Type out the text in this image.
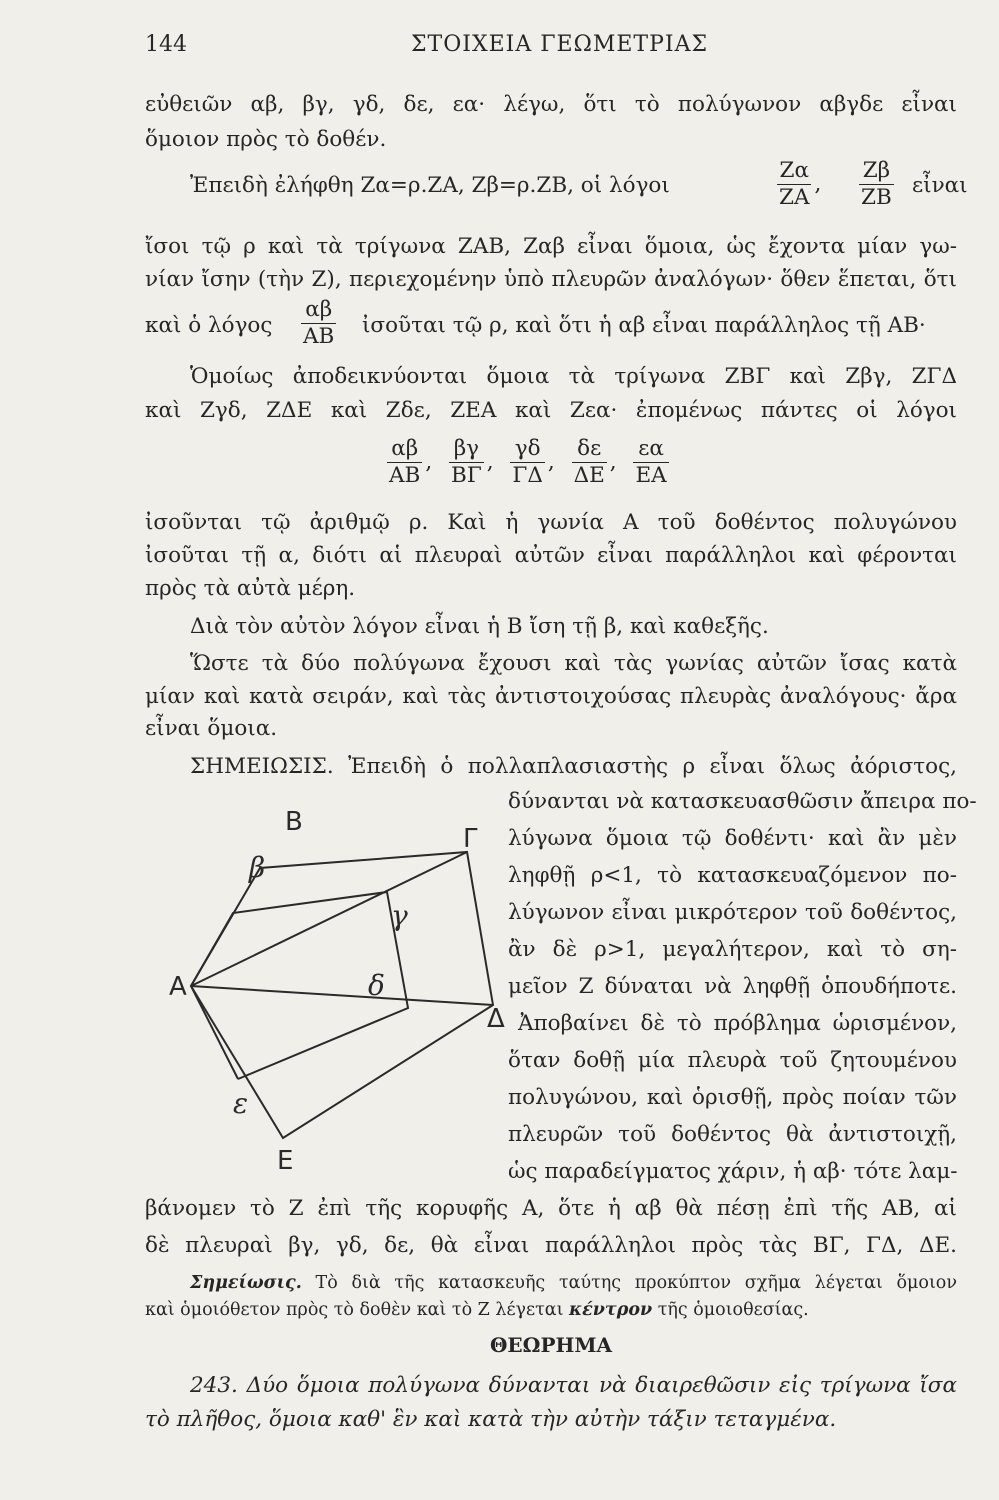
144	ΣΤΟΙΧΕΙΑ ΓΕΩΜΕΤΡΙΑΣ
εὐθειῶν αβ, βγ, γδ, δε, εα· λέγω, ὅτι τὸ πολύγωνον αβγδε εἶναι
ὅμοιον πρὸς τὸ δοθέν.
Ἐπειδὴ ἐλήφθη Ζα=ρ.ΖΑ, Ζβ=ρ.ΖΒ, οἱ λόγοι	$\frac{Z\alpha}{ZA}$ , $\frac{Z\beta}{ZB}$ εἶναι
ἴσοι τῷ ρ καὶ τὰ τρίγωνα ΖΑΒ, Ζαβ εἶναι ὅμοια, ὡς ἔχοντα μίαν γω-
νίαν ἴσην (τὴν Ζ), περιεχομένην ὑπὸ πλευρῶν ἀναλόγων· ὅθεν ἕπεται, ὅτι
καὶ ὁ λόγος $\frac{\alpha\beta}{AB}$ ἰσοῦται τῷ ρ, καὶ ὅτι ἡ αβ εἶναι παράλληλος τῇ ΑΒ·
Ὁμοίως ἀποδεικνύονται ὅμοια τὰ τρίγωνα ΖΒΓ καὶ Ζβγ, ΖΓΔ
καὶ Ζγδ, ΖΔΕ καὶ Ζδε, ΖΕΑ καὶ Ζεα· ἐπομένως πάντες οἱ λόγοι
$\frac{\alpha\beta}{AB}$ , $\frac{\beta\gamma}{B\Gamma}$ , $\frac{\gamma\delta}{\Gamma\Delta}$ , $\frac{\delta\varepsilon}{\Delta E}$ , $\frac{\varepsilon\alpha}{EA}$
ἰσοῦνται τῷ ἀριθμῷ ρ. Καὶ ἡ γωνία Α τοῦ δοθέντος πολυγώνου
ἰσοῦται τῇ α, διότι αἱ πλευραὶ αὐτῶν εἶναι παράλληλοι καὶ φέρονται
πρὸς τὰ αὐτὰ μέρη.
Διὰ τὸν αὐτὸν λόγον εἶναι ἡ Β ἴση τῇ β, καὶ καθεξῆς.
Ὥστε τὰ δύο πολύγωνα ἔχουσι καὶ τὰς γωνίας αὐτῶν ἴσας κατὰ
μίαν καὶ κατὰ σειράν, καὶ τὰς ἀντιστοιχούσας πλευρὰς ἀναλόγους· ἄρα
εἶναι ὅμοια.
ΣΗΜΕΙΩΣΙΣ. Ἐπειδὴ ὁ πολλαπλασιαστὴς ρ εἶναι ὅλως ἀόριστος,
δύνανται νὰ κατασκευασθῶσιν ἄπειρα πο-
λύγωνα ὅμοια τῷ δοθέντι· καὶ ἂν μὲν
ληφθῇ ρ<1, τὸ κατασκευαζόμενον πο-
λύγωνον εἶναι μικρότερον τοῦ δοθέντος,
ἂν δὲ ρ>1, μεγαλήτερον, καὶ τὸ ση-
μεῖον Ζ δύναται νὰ ληφθῇ ὁπουδήποτε.
Ἀποβαίνει δὲ τὸ πρόβλημα ὡρισμένον,
ὅταν δοθῇ μία πλευρὰ τοῦ ζητουμένου
πολυγώνου, καὶ ὁρισθῇ, πρὸς ποίαν τῶν
πλευρῶν τοῦ δοθέντος θὰ ἀντιστοιχῇ,
ὡς παραδείγματος χάριν, ἡ αβ· τότε λαμ-
βάνομεν τὸ Ζ ἐπὶ τῆς κορυφῆς Α, ὅτε ἡ αβ θὰ πέσῃ ἐπὶ τῆς ΑΒ, αἱ
δὲ πλευραὶ βγ, γδ, δε, θὰ εἶναι παράλληλοι πρὸς τὰς ΒΓ, ΓΔ, ΔΕ.
Α
Β
Γ
Δ
Ε
β
γ
δ
ε
Σημείωσις. Τὸ διὰ τῆς κατασκευῆς ταύτης προκύπτον σχῆμα λέγεται ὅμοιον
καὶ ὁμοιόθετον πρὸς τὸ δοθὲν καὶ τὸ Ζ λέγεται κέντρον τῆς ὁμοιοθεσίας.
ΘΕΩΡΗΜΑ
243. Δύο ὅμοια πολύγωνα δύνανται νὰ διαιρεθῶσιν εἰς τρίγωνα ἴσα
τὸ πλῆθος, ὅμοια καθ' ἓν καὶ κατὰ τὴν αὐτὴν τάξιν τεταγμένα.
